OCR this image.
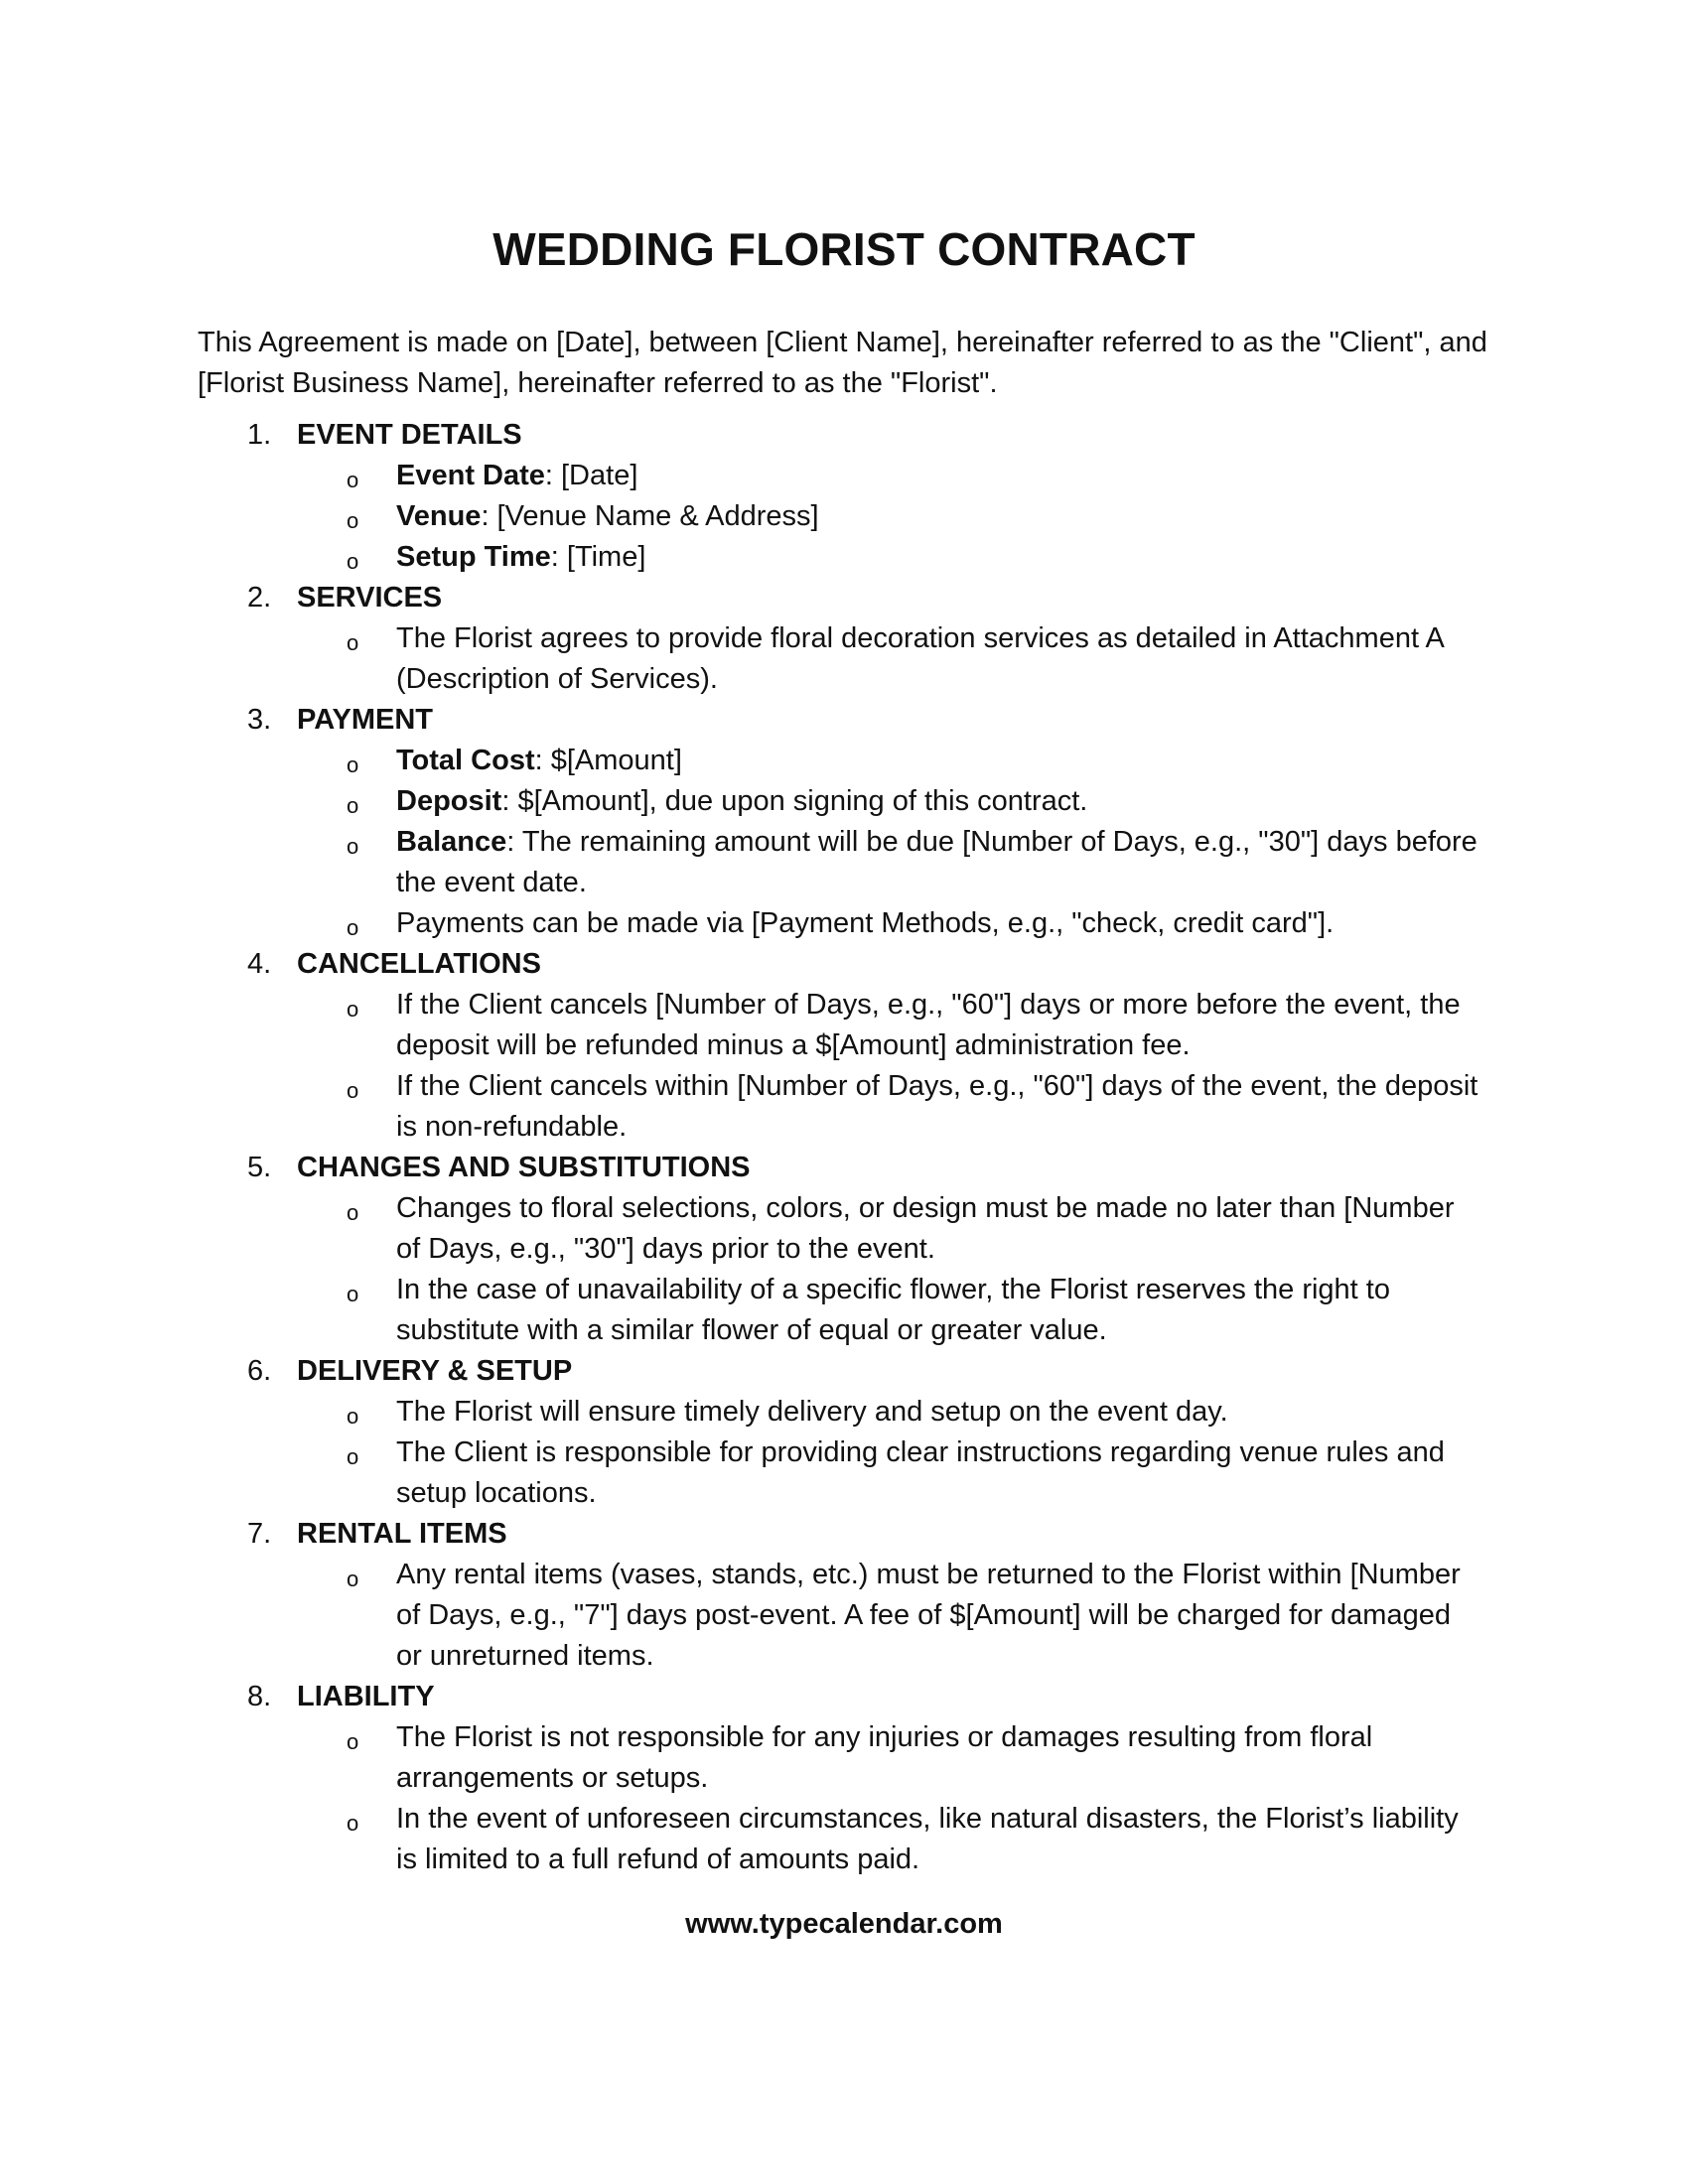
WEDDING FLORIST CONTRACT

This Agreement is made on [Date], between [Client Name], hereinafter referred to as the "Client", and [Florist Business Name], hereinafter referred to as the "Florist".

1. EVENT DETAILS
o Event Date: [Date]
o Venue: [Venue Name & Address]
o Setup Time: [Time]
2. SERVICES
o The Florist agrees to provide floral decoration services as detailed in Attachment A (Description of Services).
3. PAYMENT
o Total Cost: $[Amount]
o Deposit: $[Amount], due upon signing of this contract.
o Balance: The remaining amount will be due [Number of Days, e.g., "30"] days before the event date.
o Payments can be made via [Payment Methods, e.g., "check, credit card"].
4. CANCELLATIONS
o If the Client cancels [Number of Days, e.g., "60"] days or more before the event, the deposit will be refunded minus a $[Amount] administration fee.
o If the Client cancels within [Number of Days, e.g., "60"] days of the event, the deposit is non-refundable.
5. CHANGES AND SUBSTITUTIONS
o Changes to floral selections, colors, or design must be made no later than [Number of Days, e.g., "30"] days prior to the event.
o In the case of unavailability of a specific flower, the Florist reserves the right to substitute with a similar flower of equal or greater value.
6. DELIVERY & SETUP
o The Florist will ensure timely delivery and setup on the event day.
o The Client is responsible for providing clear instructions regarding venue rules and setup locations.
7. RENTAL ITEMS
o Any rental items (vases, stands, etc.) must be returned to the Florist within [Number of Days, e.g., "7"] days post-event. A fee of $[Amount] will be charged for damaged or unreturned items.
8. LIABILITY
o The Florist is not responsible for any injuries or damages resulting from floral arrangements or setups.
o In the event of unforeseen circumstances, like natural disasters, the Florist’s liability is limited to a full refund of amounts paid.
www.typecalendar.com
